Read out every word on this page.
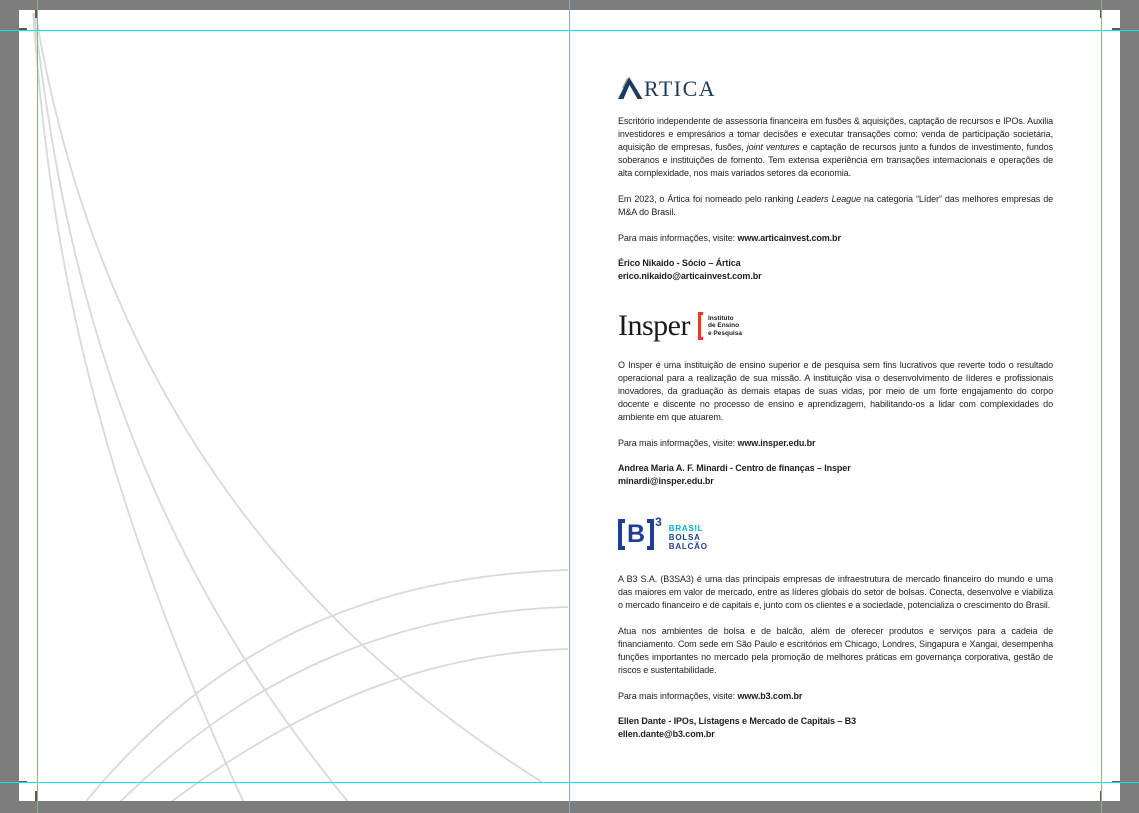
RTICA

Escritório independente de assessoria financeira em fusões & aquisições, captação de recursos e IPOs. Auxilia investidores e empresários a tomar decisões e executar transações como: venda de participação societária, aquisição de empresas, fusões, joint ventures e captação de recursos junto a fundos de investimento, fundos soberanos e instituições de fomento. Tem extensa experiência em transações internacionais e operações de alta complexidade, nos mais variados setores da economia.

Em 2023, o Ártica foi nomeado pelo ranking Leaders League na categoria “Líder” das melhores empresas de M&A do Brasil.

Para mais informações, visite: www.articainvest.com.br

Érico Nikaido - Sócio – Ártica
erico.nikaido@articainvest.com.br
Insper	Instituto
de Ensino
e Pesquisa

O Insper é uma instituição de ensino superior e de pesquisa sem fins lucrativos que reverte todo o resultado operacional para a realização de sua missão. A instituição visa o desenvolvimento de líderes e profissionais inovadores, da graduação às demais etapas de suas vidas, por meio de um forte engajamento do corpo docente e discente no processo de ensino e aprendizagem, habilitando-os a lidar com complexidades do ambiente em que atuarem.

Para mais informações, visite: www.insper.edu.br

Andrea Maria A. F. Minardi - Centro de finanças – Insper
minardi@insper.edu.br
B 3 BRASIL
BOLSA
BALCÃO

A B3 S.A. (B3SA3) é uma das principais empresas de infraestrutura de mercado financeiro do mundo e uma das maiores em valor de mercado, entre as líderes globais do setor de bolsas. Conecta, desenvolve e viabiliza o mercado financeiro e de capitais e, junto com os clientes e a sociedade, potencializa o crescimento do Brasil.

Atua nos ambientes de bolsa e de balcão, além de oferecer produtos e serviços para a cadeia de financiamento. Com sede em São Paulo e escritórios em Chicago, Londres, Singapura e Xangai, desempenha funções importantes no mercado pela promoção de melhores práticas em governança corporativa, gestão de riscos e sustentabilidade.

Para mais informações, visite: www.b3.com.br

Ellen Dante - IPOs, Listagens e Mercado de Capitais – B3
ellen.dante@b3.com.br
